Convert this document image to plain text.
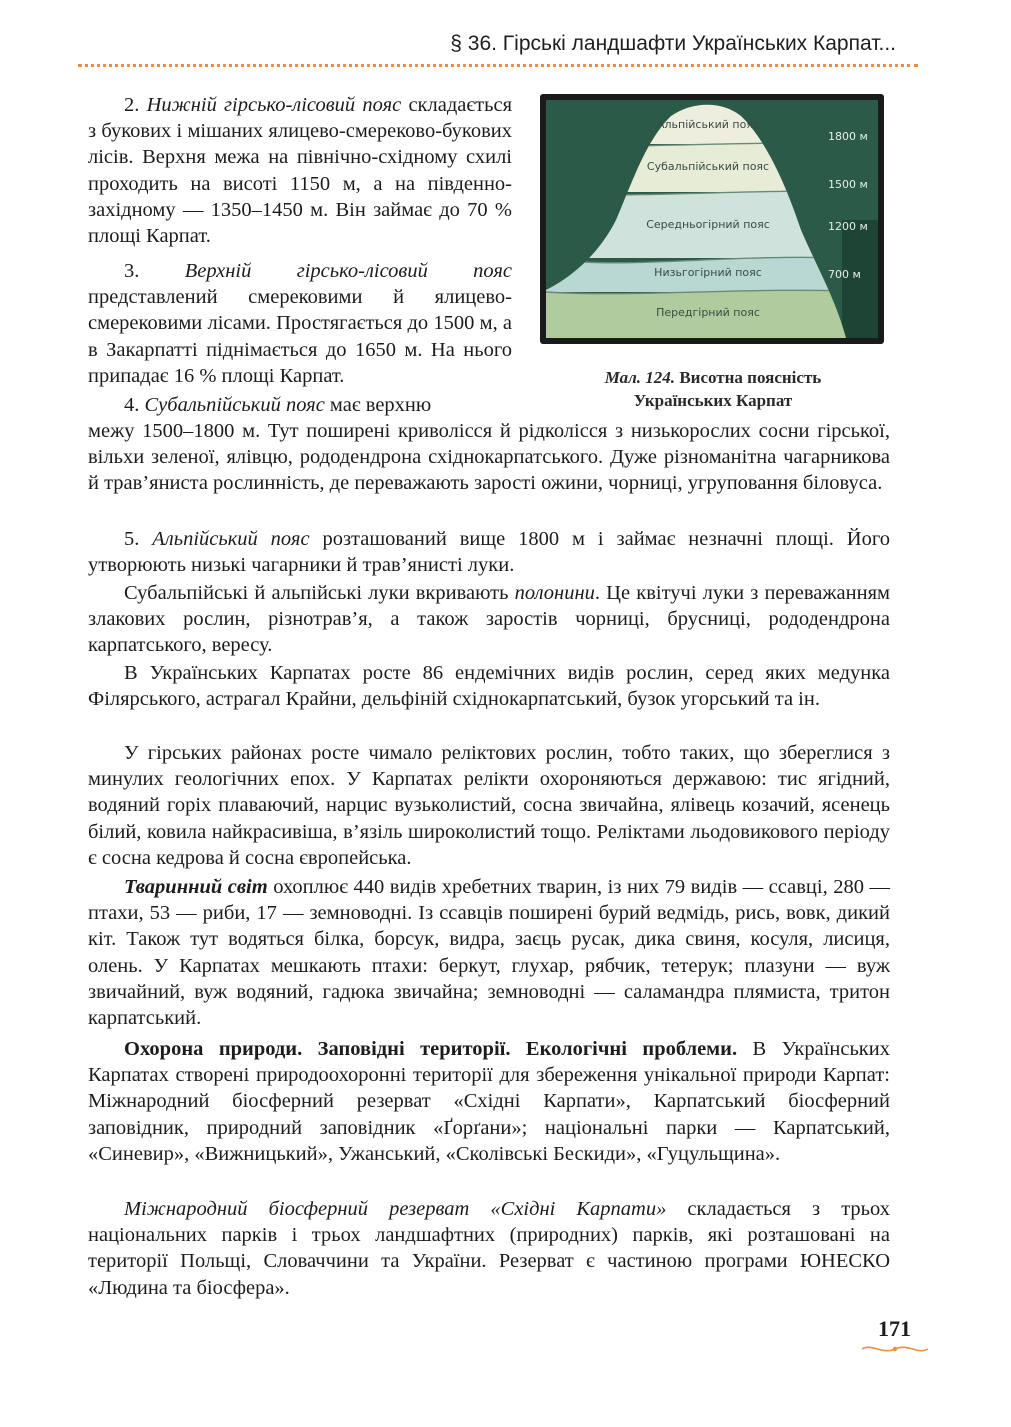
§ 36. Гірські ландшафти Українських Карпат...
Альпійський пояс
Субальпійський пояс
Середньогірний пояс
Низьгогірний пояс
Передгірний пояс
1800 м
1500 м
1200 м
700 м
Мал. 124. Висотна поясність
Українських Карпат

2. Нижній гірсько-лісовий пояс складається з букових і мішаних ялицево-смереково-букових лісів. Верхня межа на північно-східному схилі проходить на висоті 1150 м, а на південно-західному — 1350–1450 м. Він займає до 70 % площі Карпат.

3. Верхній гірсько-лісовий пояс представлений смерековими й ялицево-смерековими лісами. Простягається до 1500 м, а в Закарпатті піднімається до 1650 м. На нього припадає 16 % площі Карпат.

4. Субальпійський пояс має верхню

межу 1500–1800 м. Тут поширені криволісся й рідколісся з низькорослих сосни гірської, вільхи зеленої, ялівцю, рододендрона східнокарпатського. Дуже різноманітна чагарникова й трав’яниста рослинність, де переважають зарості ожини, чорниці, угруповання біловуса.

5. Альпійський пояс розташований вище 1800 м і займає незначні площі. Його утворюють низькі чагарники й трав’янисті луки.

Субальпійські й альпійські луки вкривають полонини. Це квітучі луки з переважанням злакових рослин, різнотрав’я, а також заростів чорниці, брусниці, рододендрона карпатського, вересу.

В Українських Карпатах росте 86 ендемічних видів рослин, серед яких медунка Філярського, астрагал Крайни, дельфіній східнокарпатський, бузок угорський та ін.

У гірських районах росте чимало реліктових рослин, тобто таких, що збереглися з минулих геологічних епох. У Карпатах релікти охороняються державою: тис ягідний, водяний горіх плаваючий, нарцис вузьколистий, сосна звичайна, ялівець козачий, ясенець білий, ковила найкрасивіша, в’язіль широколистий тощо. Реліктами льодовикового періоду є сосна кедрова й сосна європейська.

Тваринний світ охоплює 440 видів хребетних тварин, із них 79 видів — ссавці, 280 — птахи, 53 — риби, 17 — земноводні. Із ссавців поширені бурий ведмідь, рись, вовк, дикий кіт. Також тут водяться білка, борсук, видра, заєць русак, дика свиня, косуля, лисиця, олень. У Карпатах мешкають птахи: беркут, глухар, рябчик, тетерук; плазуни — вуж звичайний, вуж водяний, гадюка звичайна; земноводні — саламандра плямиста, тритон карпатський.

Охорона природи. Заповідні території. Екологічні проблеми. В Українських Карпатах створені природоохоронні території для збереження унікальної природи Карпат: Міжнародний біосферний резерват «Східні Карпати», Карпатський біосферний заповідник, природний заповідник «Ґорґани»; національні парки — Карпатський, «Синевир», «Вижницький», Ужанський, «Сколівські Бескиди», «Гуцульщина».

Міжнародний біосферний резерват «Східні Карпати» складається з трьох національних парків і трьох ландшафтних (природних) парків, які розташовані на території Польщі, Словаччини та України. Резерват є частиною програми ЮНЕСКО «Людина та біосфера».

171
